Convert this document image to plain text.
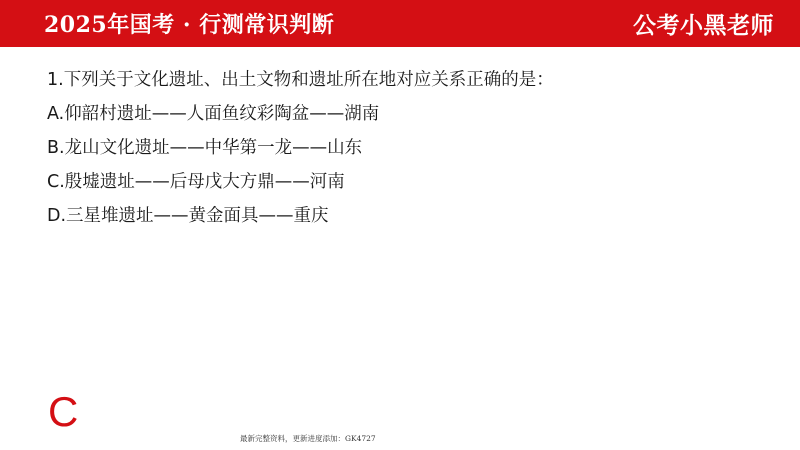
2025年国考 · 行测常识判断	公考小黑老师
1.下列关于文化遗址、出土文物和遗址所在地对应关系正确的是：
A.仰韶村遗址——人面鱼纹彩陶盆——湖南
B.龙山文化遗址——中华第一龙——山东
C.殷墟遗址——后母戊大方鼎——河南
D.三星堆遗址——黄金面具——重庆
C
最新完整资料，更新进度添加：GK4727
